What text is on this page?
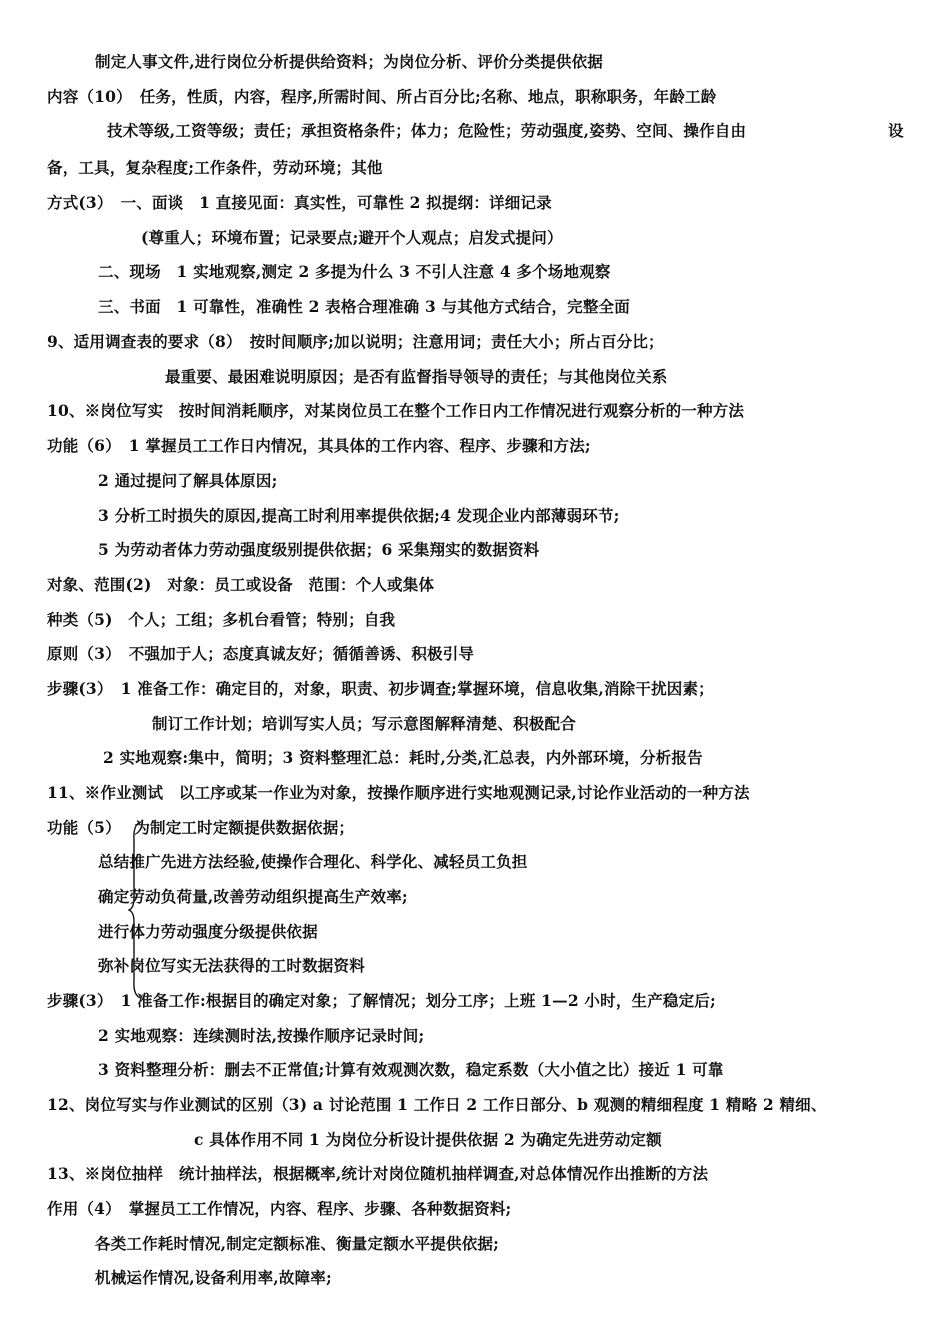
制定人事文件,进行岗位分析提供给资料；为岗位分析、评价分类提供依据
内容（10）　任务，性质，内容，程序,所需时间、所占百分比;名称、地点，职称职务，年龄工龄
技术等级,工资等级；责任；承担资格条件；体力；危险性；劳动强度,姿势、空间、操作自由	设
备，工具，复杂程度;工作条件，劳动环境；其他
方式(3）　一、面谈　1 直接见面：真实性，可靠性 2 拟提纲：详细记录
(尊重人；环境布置；记录要点;避开个人观点；启发式提问）
二、现场　1 实地观察,测定 2 多提为什么 3 不引人注意 4 多个场地观察
三、书面　1 可靠性，准确性 2 表格合理准确 3 与其他方式结合，完整全面
9、适用调查表的要求（8）　按时间顺序;加以说明；注意用词；责任大小；所占百分比；
最重要、最困难说明原因；是否有监督指导领导的责任；与其他岗位关系
10、※岗位写实　按时间消耗顺序，对某岗位员工在整个工作日内工作情况进行观察分析的一种方法
功能（6）　1 掌握员工工作日内情况，其具体的工作内容、程序、步骤和方法;
2 通过提问了解具体原因;
3 分析工时损失的原因,提高工时利用率提供依据;4 发现企业内部薄弱环节;
5 为劳动者体力劳动强度级别提供依据；6 采集翔实的数据资料
对象、范围(2)　对象：员工或设备　范围：个人或集体
种类（5)　个人；工组；多机台看管；特别；自我
原则（3）　不强加于人；态度真诚友好；循循善诱、积极引导
步骤(3）　1 准备工作：确定目的，对象，职责、初步调查;掌握环境，信息收集,消除干扰因素；
制订工作计划；培训写实人员；写示意图解释清楚、积极配合
2 实地观察:集中，简明；3 资料整理汇总：耗时,分类,汇总表，内外部环境，分析报告
11、※作业测试　以工序或某一作业为对象，按操作顺序进行实地观测记录,讨论作业活动的一种方法
功能（5）　 为制定工时定额提供数据依据；
总结推广先进方法经验,使操作合理化、科学化、减轻员工负担
确定劳动负荷量,改善劳动组织提高生产效率;
进行体力劳动强度分级提供依据
弥补岗位写实无法获得的工时数据资料
步骤(3）　1 准备工作:根据目的确定对象；了解情况；划分工序；上班 1—2 小时，生产稳定后;
2 实地观察：连续测时法,按操作顺序记录时间;
3 资料整理分析：删去不正常值;计算有效观测次数，稳定系数（大小值之比）接近 1 可靠
12、岗位写实与作业测试的区别（3) a 讨论范围 1 工作日 2 工作日部分、b 观测的精细程度 1 精略 2 精细、
c 具体作用不同 1 为岗位分析设计提供依据 2 为确定先进劳动定额
13、※岗位抽样　统计抽样法，根据概率,统计对岗位随机抽样调查,对总体情况作出推断的方法
作用（4）　掌握员工工作情况，内容、程序、步骤、各种数据资料;
各类工作耗时情况,制定定额标准、衡量定额水平提供依据;
机械运作情况,设备利用率,故障率;
